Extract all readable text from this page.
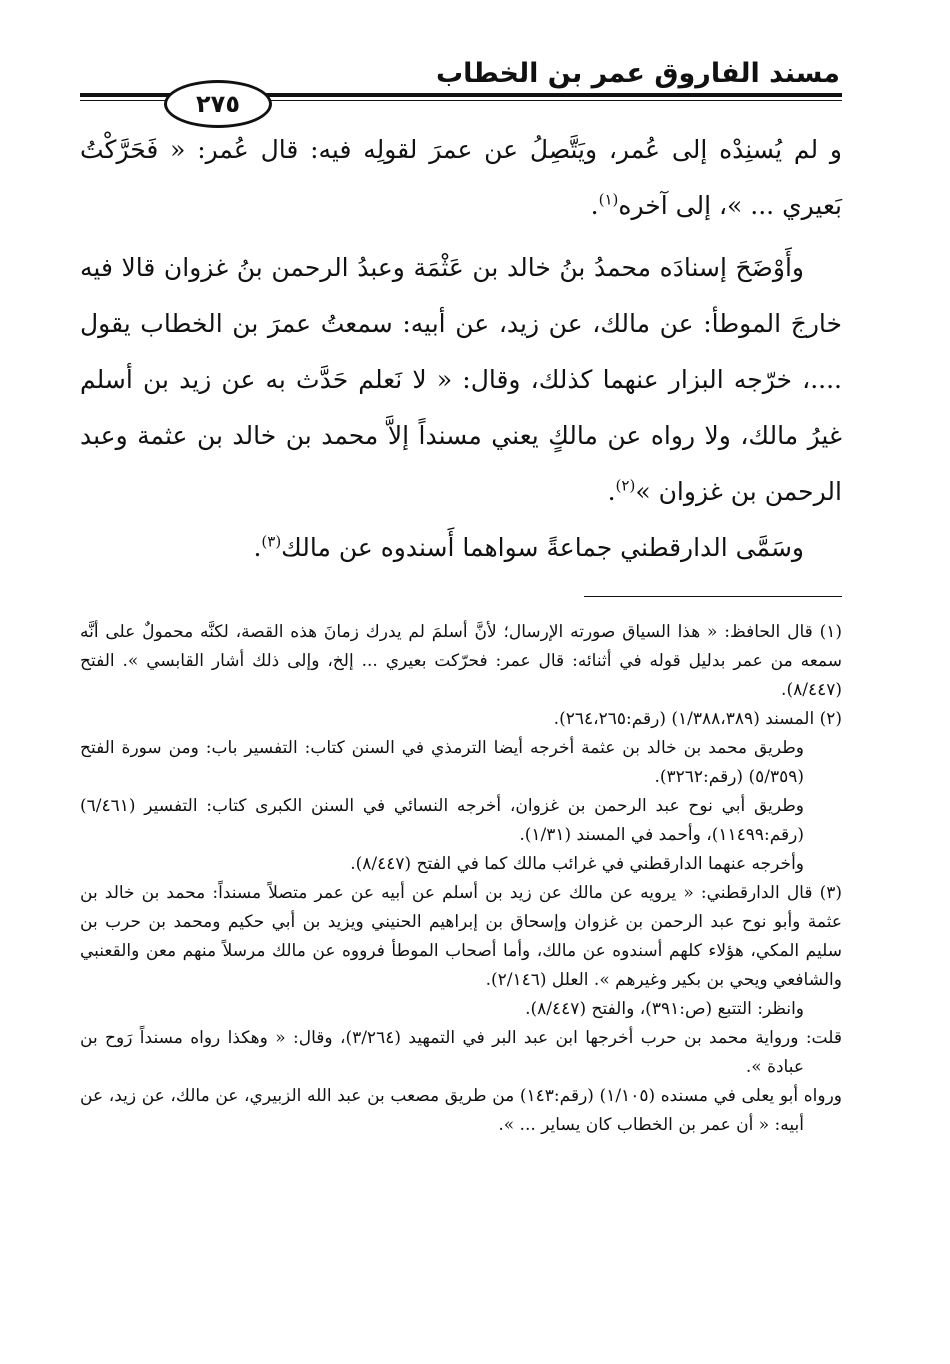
مسند الفاروق عمر بن الخطاب
٢٧٥

و لم يُسنِدْه إلى عُمر، ويَتَّصِلُ عن عمرَ لقولِه فيه: قال عُمر: « فَحَرَّكْتُ بَعيري ... »، إلى آخره$^{(١)}$.

وأَوْضَحَ إسنادَه محمدُ بنُ خالد بن عَثْمَة وعبدُ الرحمن بنُ غزوان قالا فيه خارجَ الموطأ: عن مالك، عن زيد، عن أبيه: سمعتُ عمرَ بن الخطاب يقول ....، خرّجه البزار عنهما كذلك، وقال: « لا نَعلم حَدَّث به عن زيد بن أسلم غيرُ مالك، ولا رواه عن مالكٍ يعني مسنداً إلاَّ محمد بن خالد بن عثمة وعبد الرحمن بن غزوان »$^{(٢)}$.

وسَمَّى الدارقطني جماعةً سواهما أَسندوه عن مالك$^{(٣)}$.

(١) قال الحافظ: « هذا السياق صورته الإرسال؛ لأنَّ أسلمَ لم يدرك زمانَ هذه القصة، لكنَّه محمولٌ على أنَّه سمعه من عمر بدليل قوله في أثنائه: قال عمر: فحرّكت بعيري ... إلخ، وإلى ذلك أشار القابسي ». الفتح (٨/٤٤٧).

(٢) المسند (١/٣٨٨،٣٨٩) (رقم:٢٦٤،٢٦٥).

وطريق محمد بن خالد بن عثمة أخرجه أيضا الترمذي في السنن كتاب: التفسير باب: ومن سورة الفتح (٥/٣٥٩) (رقم:٣٢٦٢).

وطريق أبي نوح عبد الرحمن بن غزوان، أخرجه النسائي في السنن الكبرى كتاب: التفسير (٦/٤٦١) (رقم:١١٤٩٩)، وأحمد في المسند (١/٣١).

وأخرجه عنهما الدارقطني في غرائب مالك كما في الفتح (٨/٤٤٧).

(٣) قال الدارقطني: « يرويه عن مالك عن زيد بن أسلم عن أبيه عن عمر متصلاً مسنداً: محمد بن خالد بن عثمة وأبو نوح عبد الرحمن بن غزوان وإسحاق بن إبراهيم الحنيني ويزيد بن أبي حكيم ومحمد بن حرب بن سليم المكي، هؤلاء كلهم أسندوه عن مالك، وأما أصحاب الموطأ فرووه عن مالك مرسلاً منهم معن والقعنبي والشافعي ويحي بن بكير وغيرهم ». العلل (٢/١٤٦).

وانظر: التتبع (ص:٣٩١)، والفتح (٨/٤٤٧).

قلت: ورواية محمد بن حرب أخرجها ابن عبد البر في التمهيد (٣/٢٦٤)، وقال: « وهكذا رواه مسنداً رَوح بن عبادة ».

ورواه أبو يعلى في مسنده (١/١٠٥) (رقم:١٤٣) من طريق مصعب بن عبد الله الزبيري، عن مالك، عن زيد، عن أبيه: « أن عمر بن الخطاب كان يساير ... ».
